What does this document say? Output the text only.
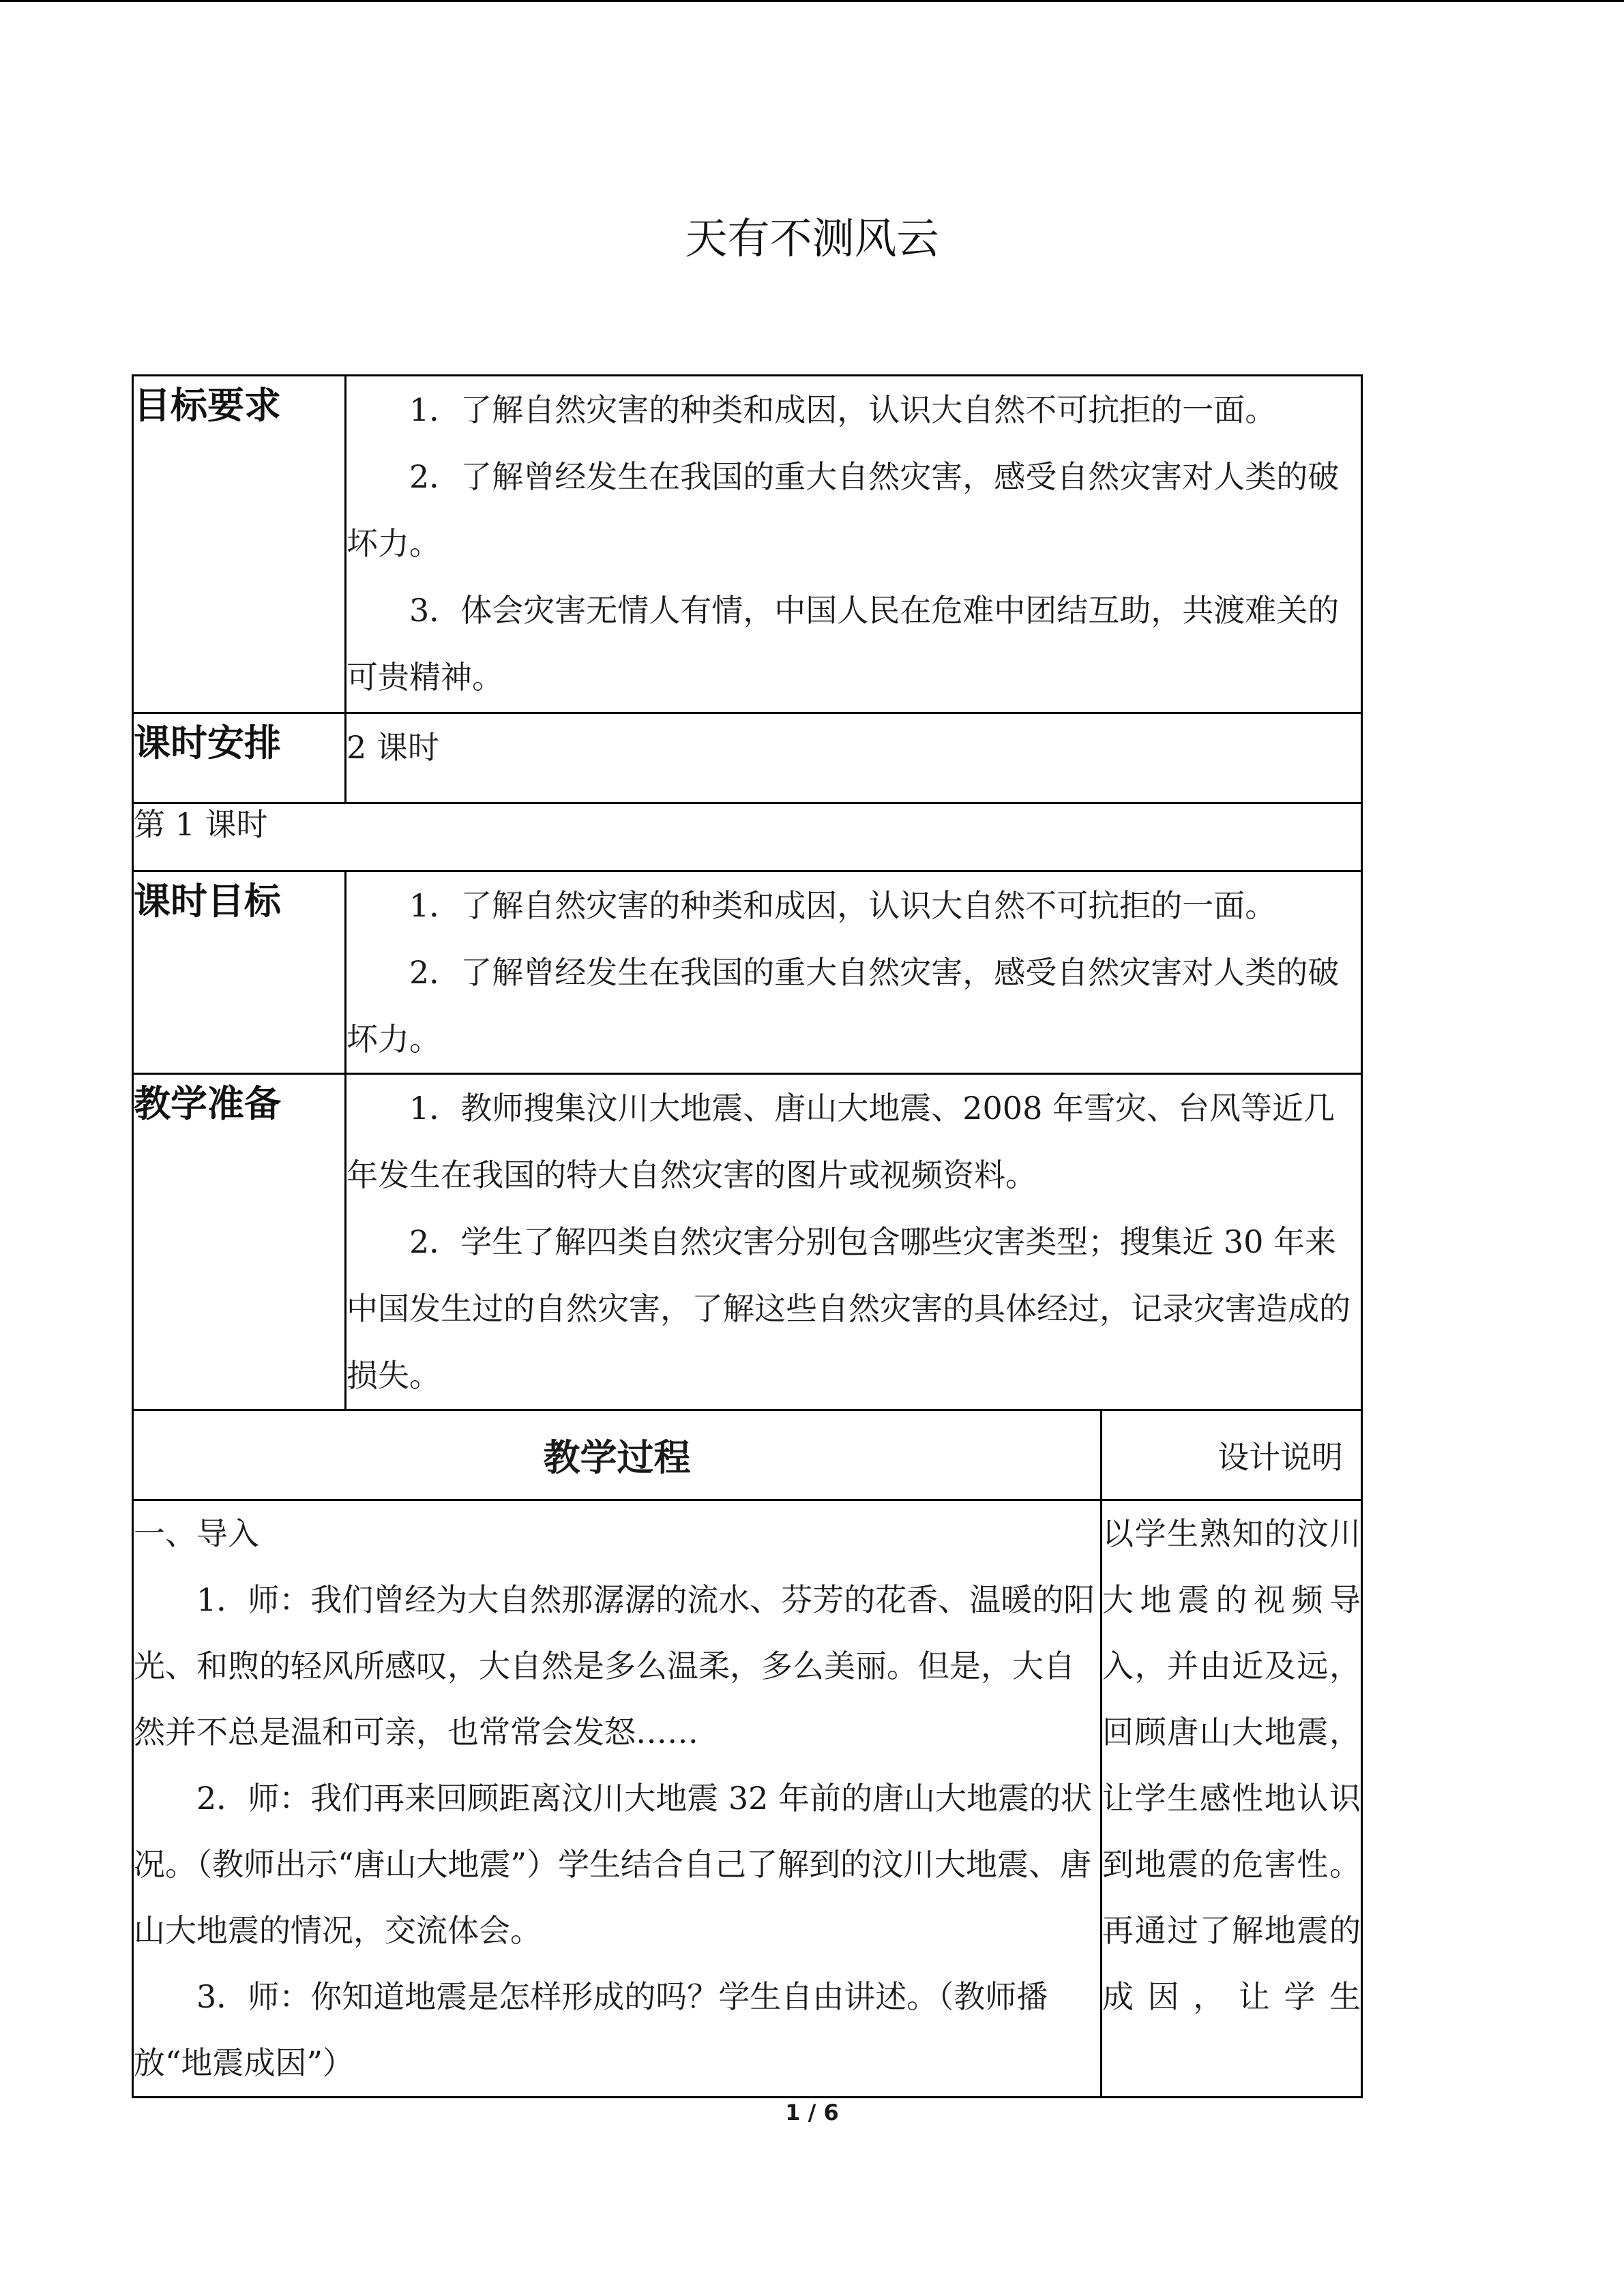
天有不测风云
目标要求	1．了解自然灾害的种类和成因，认识大自然不可抗拒的一面。

2．了解曾经发生在我国的重大自然灾害，感受自然灾害对人类的破坏力。

3．体会灾害无情人有情，中国人民在危难中团结互助，共渡难关的可贵精神。	

课时安排	2 课时	

第 1 课时		
课时目标	1．了解自然灾害的种类和成因，认识大自然不可抗拒的一面。

2．了解曾经发生在我国的重大自然灾害，感受自然灾害对人类的破坏力。	

教学准备	1．教师搜集汶川大地震、唐山大地震、2008 年雪灾、台风等近几年发生在我国的特大自然灾害的图片或视频资料。

2．学生了解四类自然灾害分别包含哪些灾害类型；搜集近 30 年来中国发生过的自然灾害，了解这些自然灾害的具体经过，记录灾害造成的损失。	

教学过程		设计说明

一、导入

1．师：我们曾经为大自然那潺潺的流水、芬芳的花香、温暖的阳光、和煦的轻风所感叹，大自然是多么温柔，多么美丽。但是，大自然并不总是温和可亲，也常常会发怒……

2．师：我们再来回顾距离汶川大地震 32 年前的唐山大地震的状况。（教师出示“唐山大地震”）学生结合自己了解到的汶川大地震、唐山大地震的情况，交流体会。

3．师：你知道地震是怎样形成的吗？学生自由讲述。（教师播放“地震成因”）		以学生熟知的汶川大地震的视频导入，并由近及远，回顾唐山大地震，让学生感性地认识到地震的危害性。再通过了解地震的成因，让学生
1 / 6
